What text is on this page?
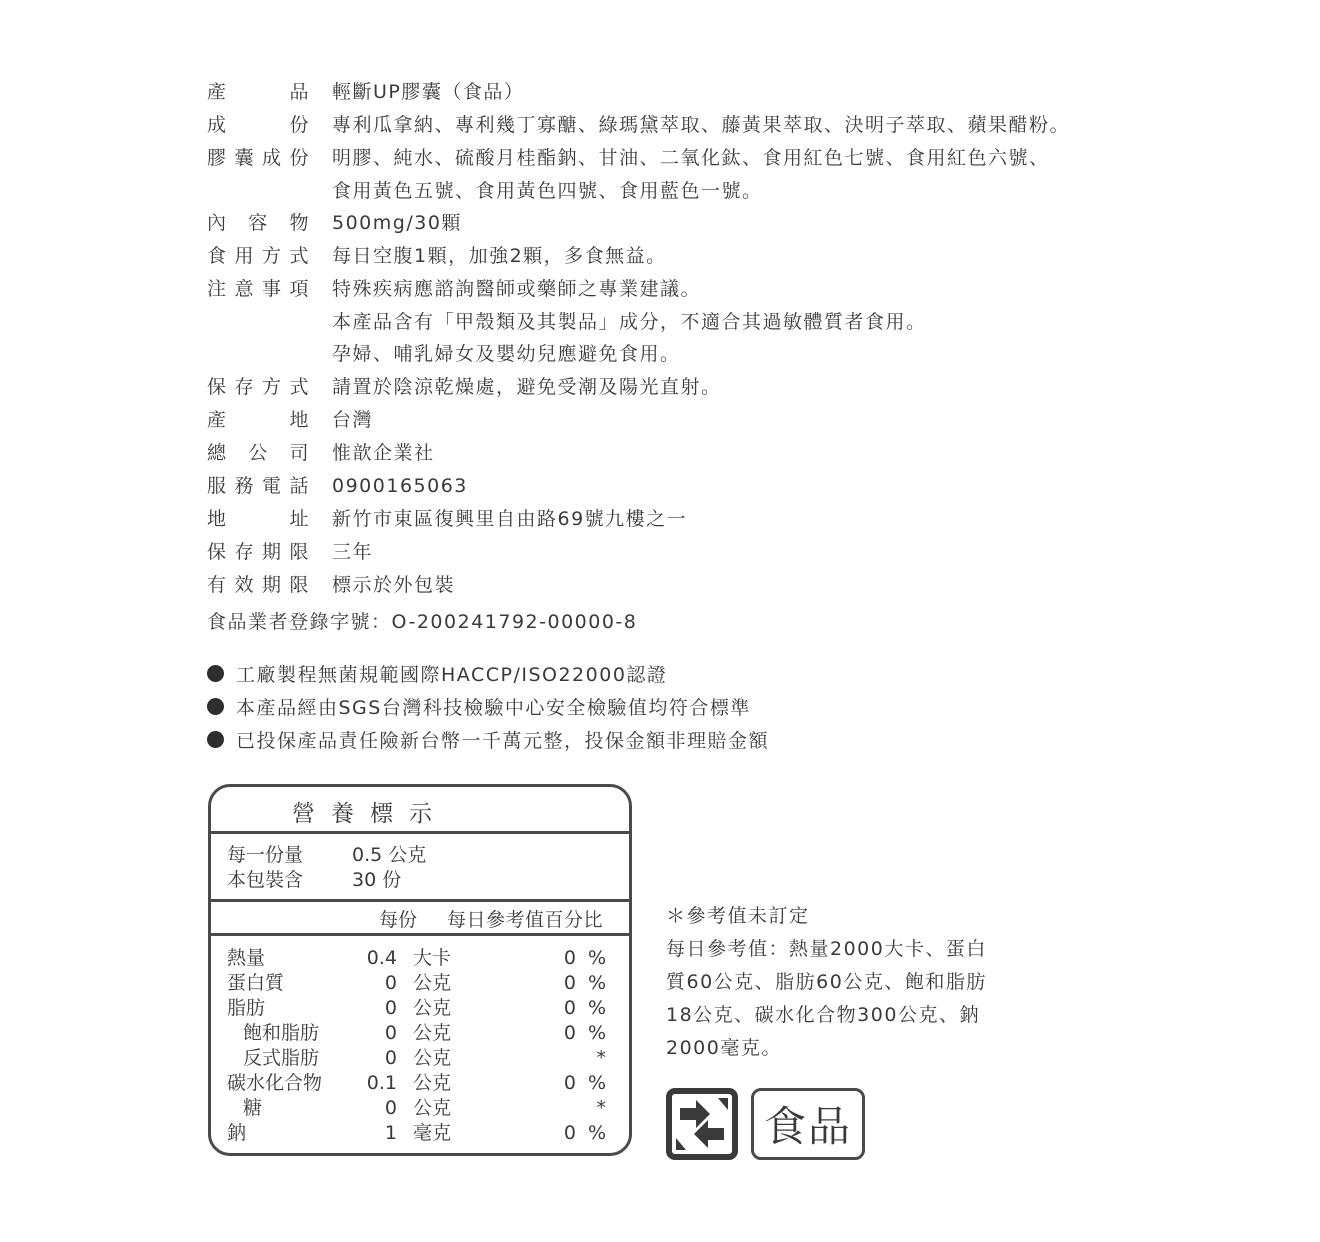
產品 輕斷UP膠囊（食品）
成份 專利瓜拿納、專利幾丁寡醣、綠瑪黛萃取、藤黃果萃取、決明子萃取、蘋果醋粉。
膠囊成份 明膠、純水、硫酸月桂酯鈉、甘油、二氧化鈦、食用紅色七號、食用紅色六號、
食用黃色五號、食用黃色四號、食用藍色一號。
內容物 500mg/30顆
食用方式 每日空腹1顆，加強2顆，多食無益。
注意事項 特殊疾病應諮詢醫師或藥師之專業建議。
本產品含有「甲殼類及其製品」成分，不適合其過敏體質者食用。
孕婦、哺乳婦女及嬰幼兒應避免食用。
保存方式 請置於陰涼乾燥處，避免受潮及陽光直射。
產地 台灣
總公司 惟歆企業社
服務電話 0900165063
地址 新竹市東區復興里自由路69號九樓之一
保存期限 三年
有效期限 標示於外包裝
食品業者登錄字號：O-200241792-00000-8
工廠製程無菌規範國際HACCP/ISO22000認證
本產品經由SGS台灣科技檢驗中心安全檢驗值均符合標準
已投保產品責任險新台幣一千萬元整，投保金額非理賠金額
營養標示
每一份量	0.5 公克
本包裝含	30 份
每份 每日參考值百分比
熱量	0.4 大卡	0 %
蛋白質	0 公克	0 %
脂肪	0 公克	0 %
飽和脂肪	0 公克	0 %
反式脂肪	0 公克	*
碳水化合物 0.1 公克	0 %
糖	0 公克	*
鈉	1 毫克	0 %
＊參考值未訂定
每日參考值：熱量2000大卡、蛋白
質60公克、脂肪60公克、飽和脂肪
18公克、碳水化合物300公克、鈉
2000毫克。
食品
